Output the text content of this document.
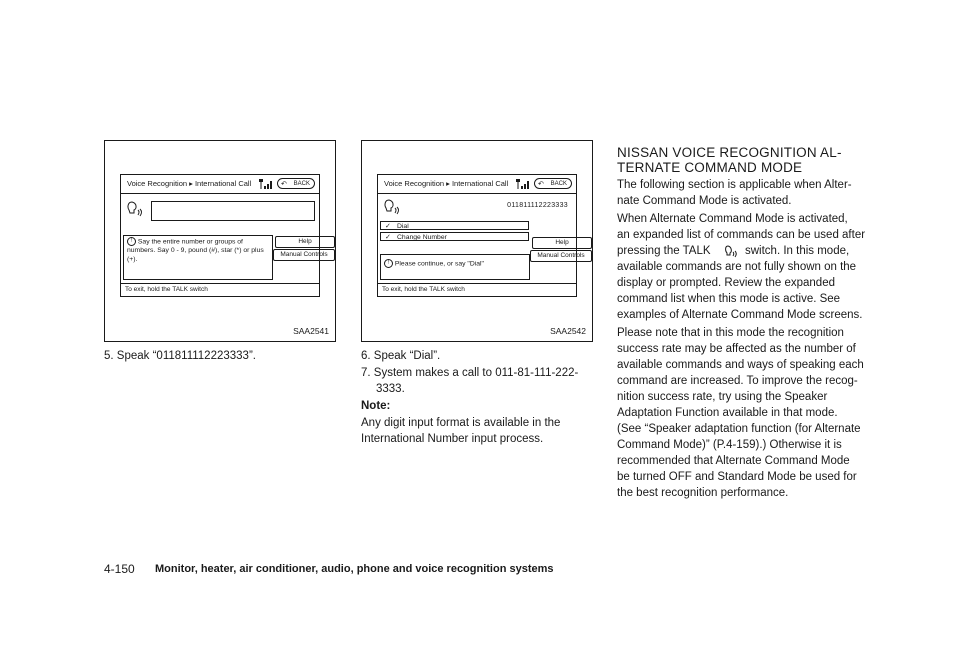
Voice Recognition ▸ International Call	↶ BACK
! Say the entire number or groups of numbers. Say 0 - 9, pound (#), star (*) or plus (+).
Help
Manual Controls
To exit, hold the TALK switch
SAA2541
Voice Recognition ▸ International Call	↶ BACK
011811112223333
✓ Dial
✓ Change Number
! Please continue, or say "Dial"
Help
Manual Controls
To exit, hold the TALK switch
SAA2542
5. Speak “011811112223333”.	6. Speak “Dial”.
7. System makes a call to 011-81-111-222-
3333.
Note:
Any digit input format is available in the
International Number input process.
NISSAN VOICE RECOGNITION AL-
TERNATE COMMAND MODE
The following section is applicable when Alter-
nate Command Mode is activated.
When Alternate Command Mode is activated,
an expanded list of commands can be used after
pressing the TALK	switch. In this mode,
available commands are not fully shown on the
display or prompted. Review the expanded
command list when this mode is active. See
examples of Alternate Command Mode screens.
Please note that in this mode the recognition
success rate may be affected as the number of
available commands and ways of speaking each
command are increased. To improve the recog-
nition success rate, try using the Speaker
Adaptation Function available in that mode.
(See “Speaker adaptation function (for Alternate
Command Mode)” (P.4-159).) Otherwise it is
recommended that Alternate Command Mode
be turned OFF and Standard Mode be used for
the best recognition performance.
4-150 Monitor, heater, air conditioner, audio, phone and voice recognition systems
